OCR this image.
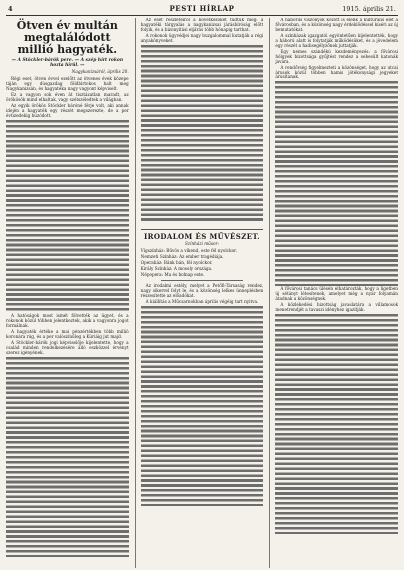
4	PESTI HÍRLAP	1915. április 21.
Ötven év multán megtalálódott millió hagyaték.
— A Stöckler-bárók pere. — A szép hírt rokon hozta hírül. —
Nagykanizsáról, április 20.

Régi eset, ötven évvel ezelőtt az ötvenes évek közepe táján egy dúsgazdag földbirtokos halt meg Nagykanizsán, és hagyatéka nagy vagyont képviselt.

Ez a vagyon sok éven át tisztázatlan maradt, az örökösök mind elhaltak, vagy szétszéledtek a világban.

Az egyik örökös Stöckler báróné férje volt, aki annak idején a hagyaték egy részét megszerezte, de a per évtizedekig húzódott.

A hatóságok most ismét fölvették az ügyet, és a rokonok közül többen jelentkeztek, akik a vagyonra jogot formálnak.

A hagyaték értéke a mai pénzértékben több millió koronára rúg, és a per valószínűleg a Kúriáig jut majd.

A Stöckler-bárók jogi képviselője kijelentette, hogy a család minden rendelkezésére álló eszközzel érvényt szerez igényének.

Az eset részleteiről a következőket tudtuk meg: a hagyatéki tárgyalás a nagykanizsai járásbíróság előtt folyik, és a bizonyítási eljárás több hónapig tarthat.

A rokonok ügyvédjei nagy buzgalommal kutatják a régi anyakönyveket.

IRODALOM ÉS MŰVÉSZET.
Színházi műsor:
Vígszínház: Bűvös a víkend, este fél nyolckor.
Nemzeti Színház: Az ember tragédiája.
Operaház: Bánk bán, fél nyolckor.
Király Színház: A mosoly országa.
Népopera: Ma és holnap este.

Az irodalmi estély, melyet a Petőfi-Társaság rendez, nagy sikerrel folyt le, és a közönség lelkes ünneplésben részesítette az előadókat.

A kiállítás a Műcsarnokban április végéig tart nyitva.

A háborús viszonyok között is élénk a kulturális élet a fővárosban, és a közönség nagy érdeklődéssel kíséri az új bemutatókat.

A színházak igazgatói egyöntetűen kijelentették, hogy a háború alatt is folytatják működésüket, és a jövedelem egy részét a hadisegélyzőnek juttatják.

Egy nemes szándékú kezdeményezés: a fővárosi hölgyek bizottsága gyűjtést rendez a sebesült katonák javára.

A rendőrség figyelmezteti a közönséget, hogy az utcai árusok közül többen hamis jótékonysági jegyeket árusítanak.

A fővárosi tanács ülésén elhatározták, hogy a ligetben új sétányt létesítenek, amelyet még a nyár folyamán átadnak a közönségnek.

A közlekedési bizottság javaslatára a villamosok menetrendjét a tavaszi idényhez igazítják.
